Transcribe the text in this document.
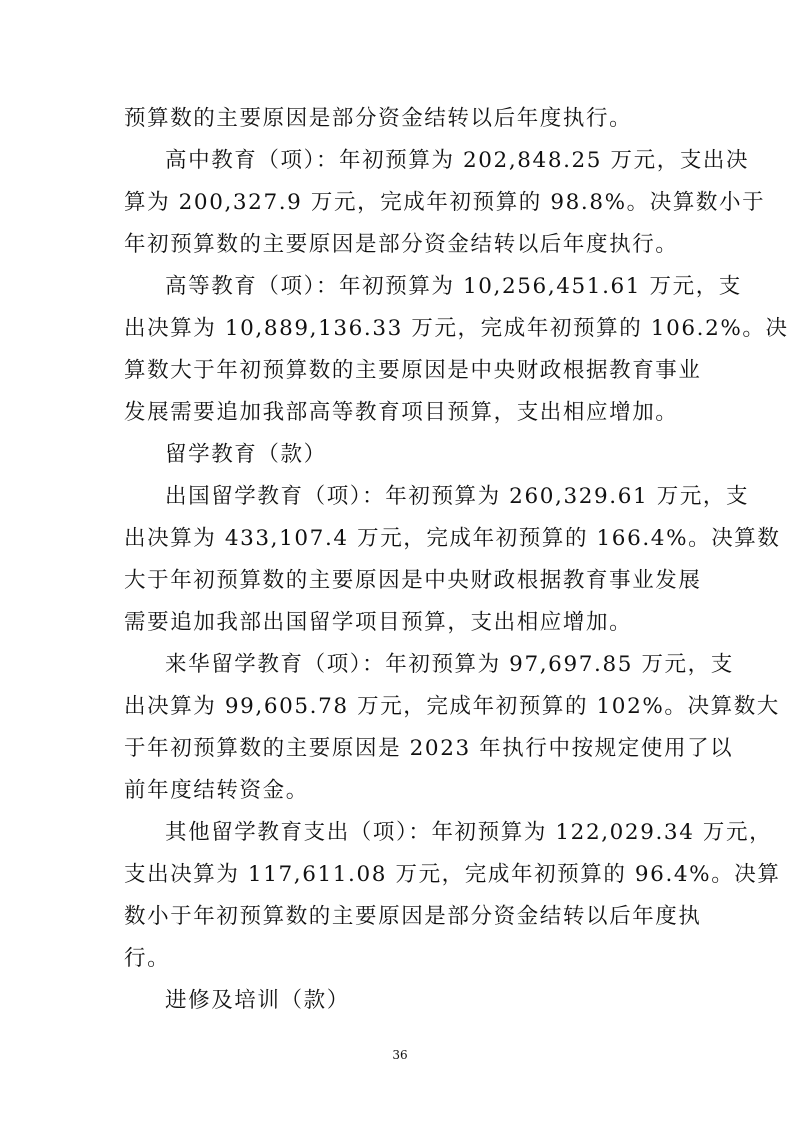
预算数的主要原因是部分资金结转以后年度执行。
高中教育（项）：年初预算为 202,848.25 万元，支出决
算为 200,327.9 万元，完成年初预算的 98.8%。决算数小于
年初预算数的主要原因是部分资金结转以后年度执行。
高等教育（项）：年初预算为 10,256,451.61 万元，支
出决算为 10,889,136.33 万元，完成年初预算的 106.2%。决
算数大于年初预算数的主要原因是中央财政根据教育事业
发展需要追加我部高等教育项目预算，支出相应增加。
留学教育（款）
出国留学教育（项）：年初预算为 260,329.61 万元，支
出决算为 433,107.4 万元，完成年初预算的 166.4%。决算数
大于年初预算数的主要原因是中央财政根据教育事业发展
需要追加我部出国留学项目预算，支出相应增加。
来华留学教育（项）：年初预算为 97,697.85 万元，支
出决算为 99,605.78 万元，完成年初预算的 102%。决算数大
于年初预算数的主要原因是 2023 年执行中按规定使用了以
前年度结转资金。
其他留学教育支出（项）：年初预算为 122,029.34 万元，
支出决算为 117,611.08 万元，完成年初预算的 96.4%。决算
数小于年初预算数的主要原因是部分资金结转以后年度执
行。
进修及培训（款）
36
